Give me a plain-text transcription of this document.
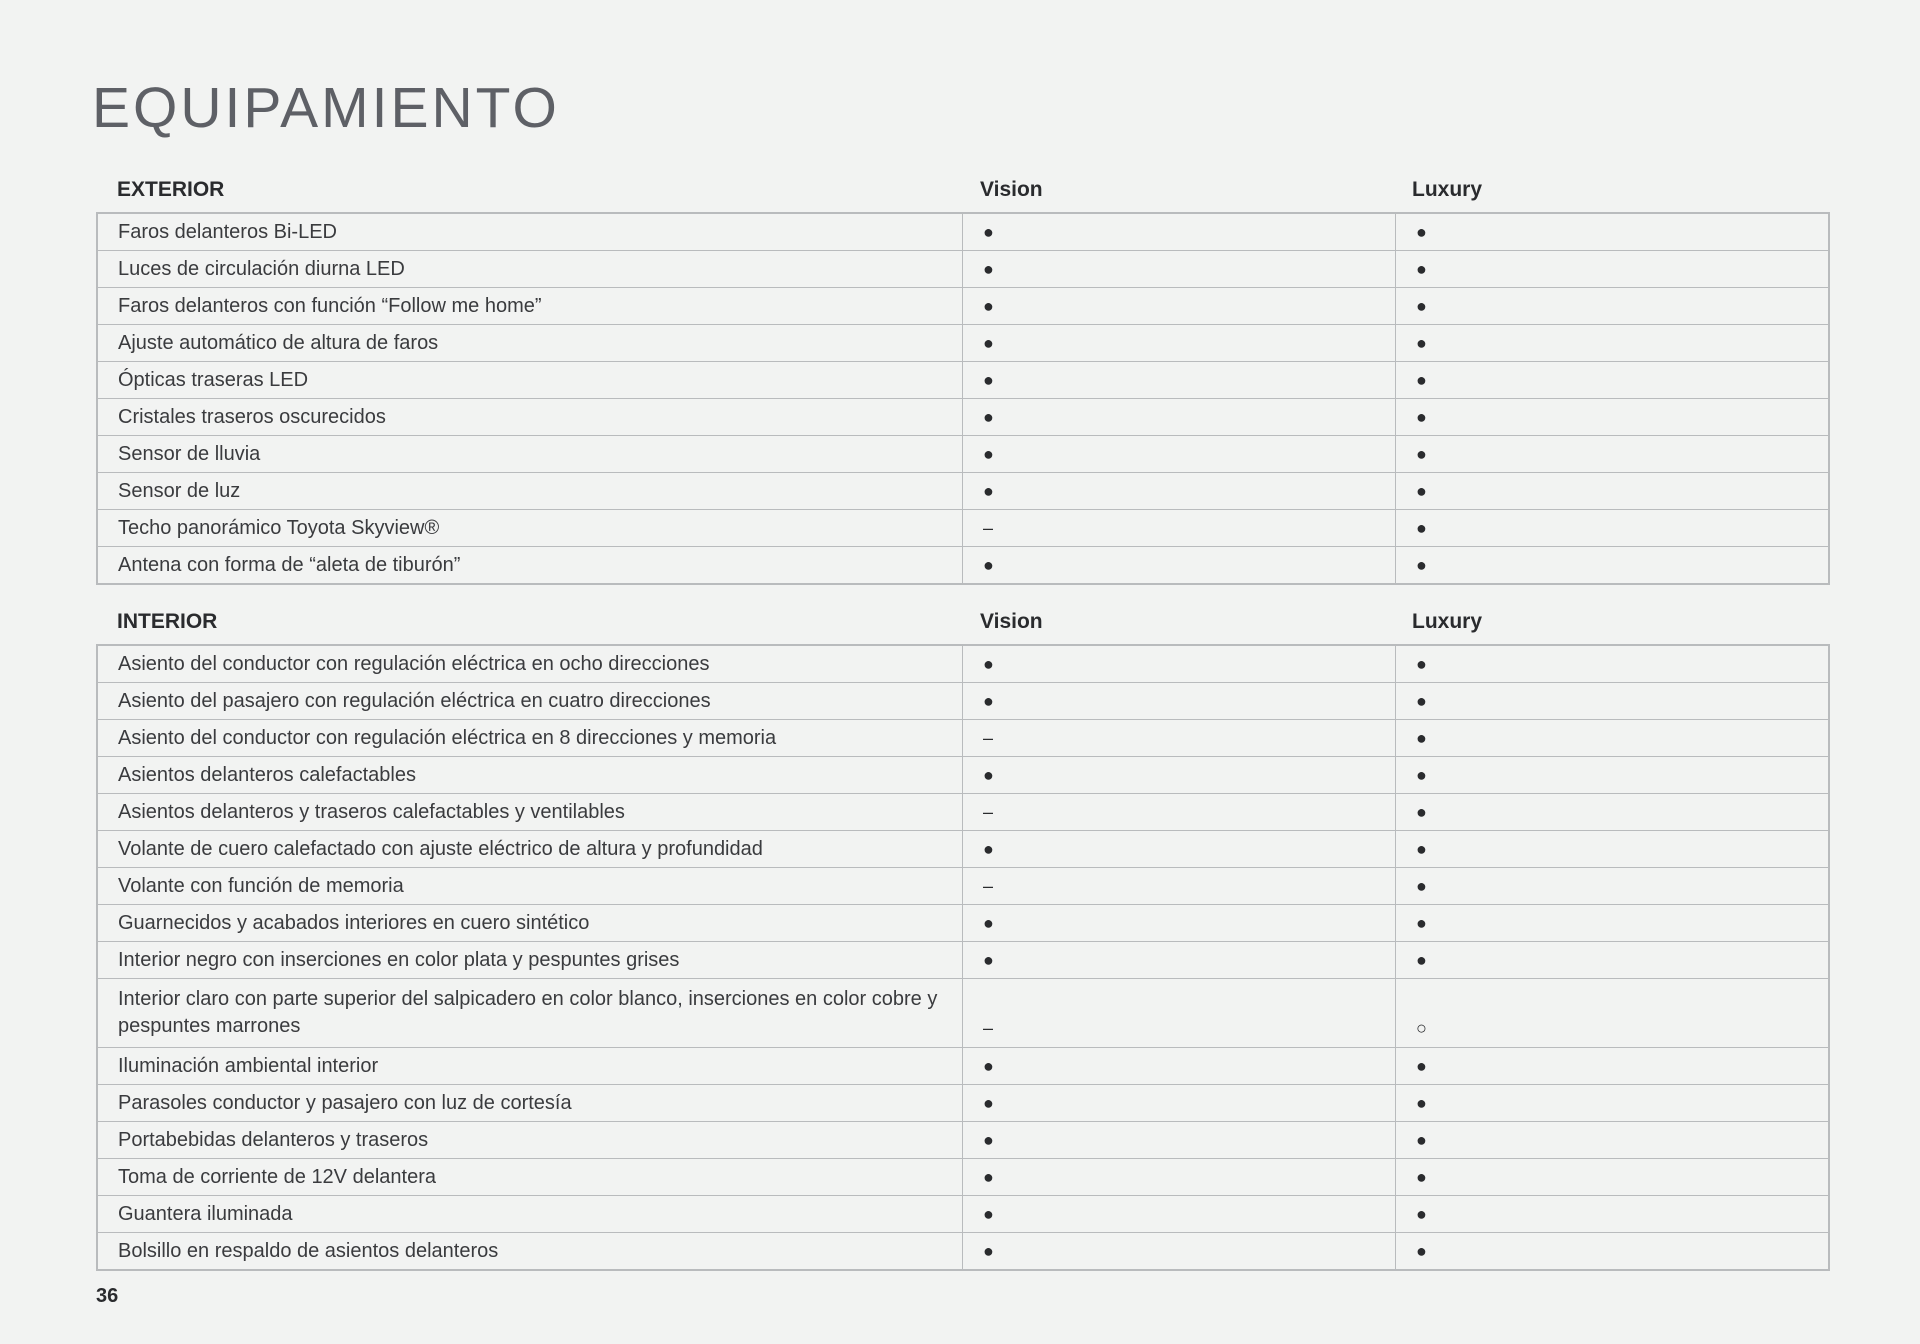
EQUIPAMIENTO
EXTERIOR	Vision	Luxury
Faros delanteros Bi-LED	●	●
Luces de circulación diurna LED	●	●
Faros delanteros con función “Follow me home”	●	●
Ajuste automático de altura de faros	●	●
Ópticas traseras LED	●	●
Cristales traseros oscurecidos	●	●
Sensor de lluvia	●	●
Sensor de luz	●	●
Techo panorámico Toyota Skyview®	–	●
Antena con forma de “aleta de tiburón”	●	●
INTERIOR	Vision	Luxury
Asiento del conductor con regulación eléctrica en ocho direcciones	●	●
Asiento del pasajero con regulación eléctrica en cuatro direcciones	●	●
Asiento del conductor con regulación eléctrica en 8 direcciones y memoria	–	●
Asientos delanteros calefactables	●	●
Asientos delanteros y traseros calefactables y ventilables	–	●
Volante de cuero calefactado con ajuste eléctrico de altura y profundidad	●	●
Volante con función de memoria	–	●
Guarnecidos y acabados interiores en cuero sintético	●	●
Interior negro con inserciones en color plata y pespuntes grises	●	●
Interior claro con parte superior del salpicadero en color blanco, inserciones en color cobre y pespuntes marrones	–	○
Iluminación ambiental interior	●	●
Parasoles conductor y pasajero con luz de cortesía	●	●
Portabebidas delanteros y traseros	●	●
Toma de corriente de 12V delantera	●	●
Guantera iluminada	●	●
Bolsillo en respaldo de asientos delanteros	●	●
36
